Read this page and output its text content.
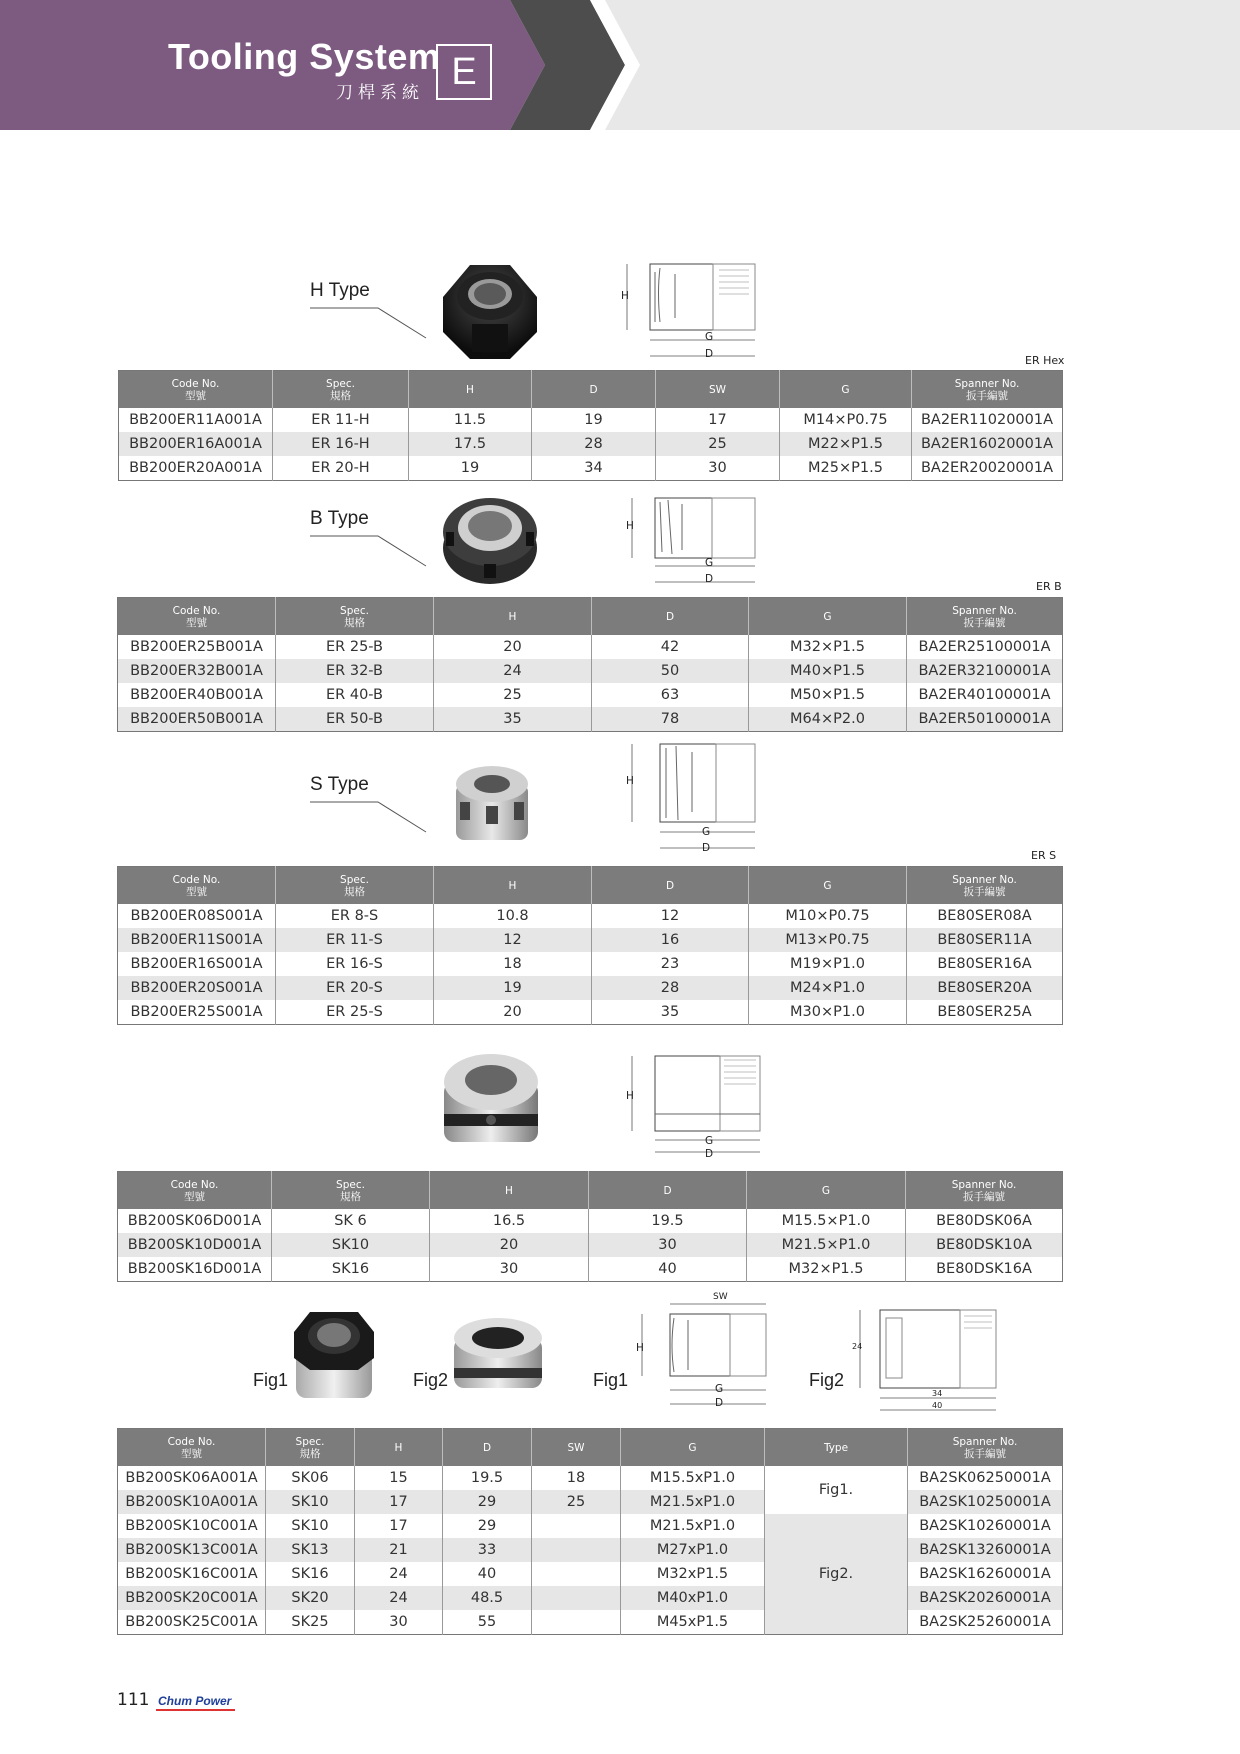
Tooling System
刀桿系統 E
H Type	H
G
D	ER Hex
Code No.
型號	Spec.
規格	H	D	SW	G	Spanner No.
扳手編號
BB200ER11A001A	ER 11-H	11.5	19	17	M14×P0.75	BA2ER11020001A
BB200ER16A001A	ER 16-H	17.5	28	25	M22×P1.5	BA2ER16020001A
BB200ER20A001A	ER 20-H	19	34	30	M25×P1.5	BA2ER20020001A
B Type	H
G
D
ER B
Code No.
型號	Spec.
規格	H	D	G	Spanner No.
扳手編號
BB200ER25B001A	ER 25-B	20	42	M32×P1.5	BA2ER25100001A
BB200ER32B001A	ER 32-B	24	50	M40×P1.5	BA2ER32100001A
BB200ER40B001A	ER 40-B	25	63	M50×P1.5	BA2ER40100001A
BB200ER50B001A	ER 50-B	35	78	M64×P2.0	BA2ER50100001A
S Type	H
G
D
ER S
Code No.
型號	Spec.
規格	H	D	G	Spanner No.
扳手編號
BB200ER08S001A	ER 8-S	10.8	12	M10×P0.75	BE80SER08A
BB200ER11S001A	ER 11-S	12	16	M13×P0.75	BE80SER11A
BB200ER16S001A	ER 16-S	18	23	M19×P1.0	BE80SER16A
BB200ER20S001A	ER 20-S	19	28	M24×P1.0	BE80SER20A
BB200ER25S001A	ER 25-S	20	35	M30×P1.0	BE80SER25A
H
G
D
Code No.
型號	Spec.
規格	H	D	G	Spanner No.
扳手編號
BB200SK06D001A	SK 6	16.5	19.5	M15.5×P1.0	BE80DSK06A
BB200SK10D001A	SK10	20	30	M21.5×P1.0	BE80DSK10A
BB200SK16D001A	SK16	30	40	M32×P1.5	BE80DSK16A
Fig1	Fig2	Fig1
SW
H
G
D
Fig2
24
34
40
Code No.
型號	Spec.
規格	H	D	SW	G	Type	Spanner No.
扳手編號
BB200SK06A001A	SK06	15	19.5	18	M15.5xP1.0	Fig1.	BA2SK06250001A
BB200SK10A001A	SK10	17	29	25	M21.5xP1.0		BA2SK10250001A
BB200SK10C001A	SK10	17	29		M21.5xP1.0	Fig2.	BA2SK10260001A
BB200SK13C001A	SK13	21	33		M27xP1.0		BA2SK13260001A
BB200SK16C001A	SK16	24	40		M32xP1.5		BA2SK16260001A
BB200SK20C001A	SK20	24	48.5		M40xP1.0		BA2SK20260001A
BB200SK25C001A	SK25	30	55		M45xP1.5		BA2SK25260001A
111 Chum Power
